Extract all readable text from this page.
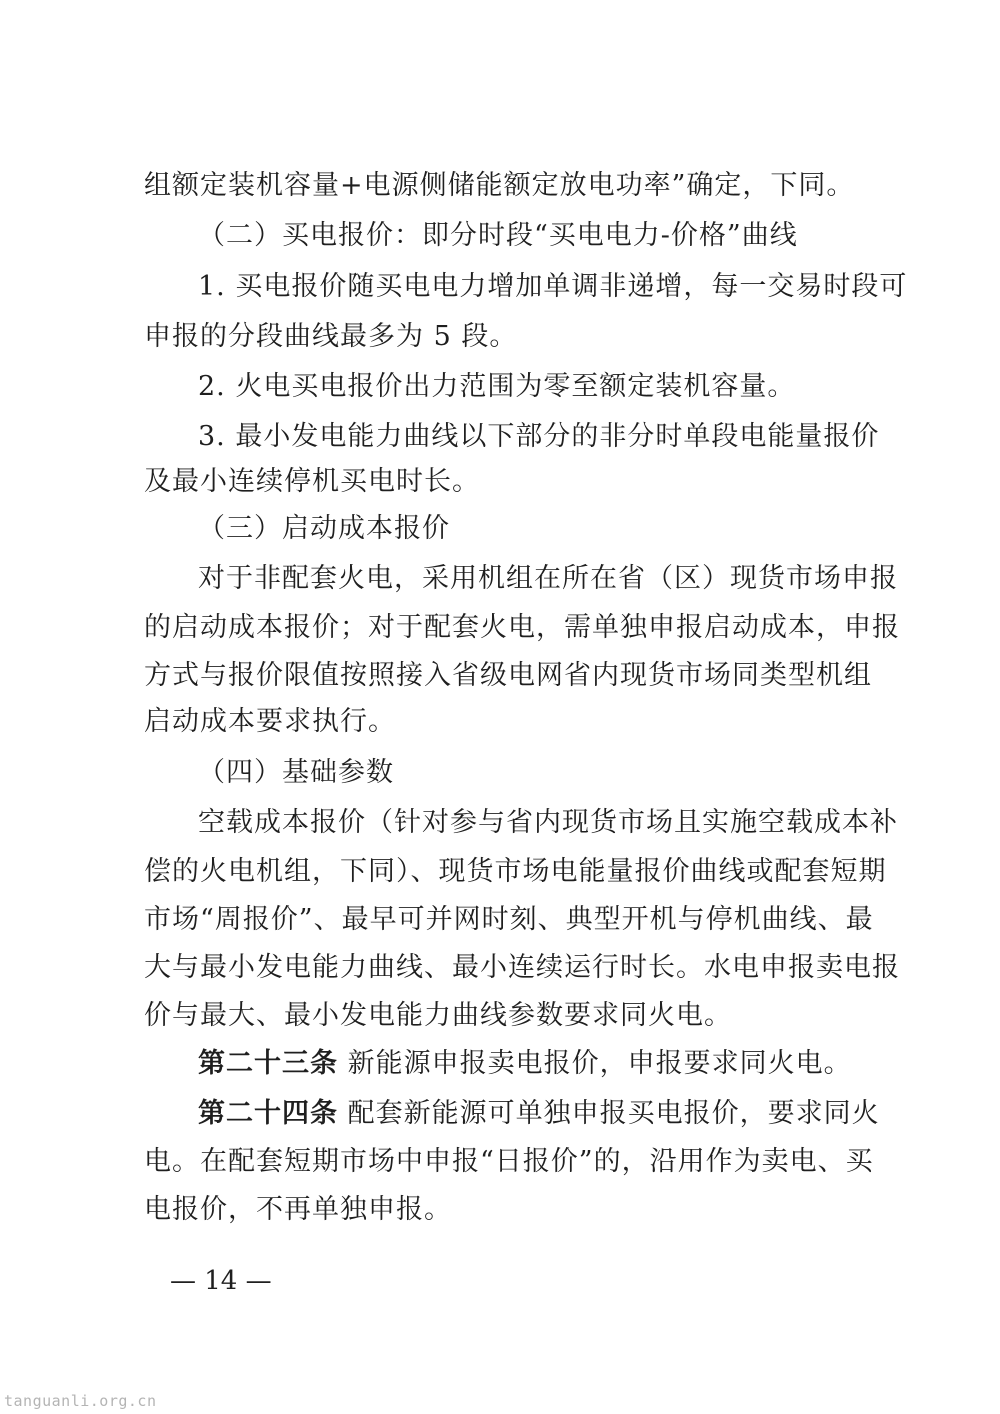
组额定装机容量+电源侧储能额定放电功率”确定，下同。
（二）买电报价：即分时段“买电电力-价格”曲线
1. 买电报价随买电电力增加单调非递增，每一交易时段可
申报的分段曲线最多为 5 段。
2. 火电买电报价出力范围为零至额定装机容量。
3. 最小发电能力曲线以下部分的非分时单段电能量报价
及最小连续停机买电时长。
（三）启动成本报价
对于非配套火电，采用机组在所在省（区）现货市场申报
的启动成本报价；对于配套火电，需单独申报启动成本，申报
方式与报价限值按照接入省级电网省内现货市场同类型机组
启动成本要求执行。
（四）基础参数
空载成本报价（针对参与省内现货市场且实施空载成本补
偿的火电机组，下同）、现货市场电能量报价曲线或配套短期
市场“周报价”、最早可并网时刻、典型开机与停机曲线、最
大与最小发电能力曲线、最小连续运行时长。水电申报卖电报
价与最大、最小发电能力曲线参数要求同火电。
第二十三条 新能源申报卖电报价，申报要求同火电。
第二十四条 配套新能源可单独申报买电报价，要求同火
电。在配套短期市场中申报“日报价”的，沿用作为卖电、买
电报价，不再单独申报。
— 14 —
tanguanli.org.cn
